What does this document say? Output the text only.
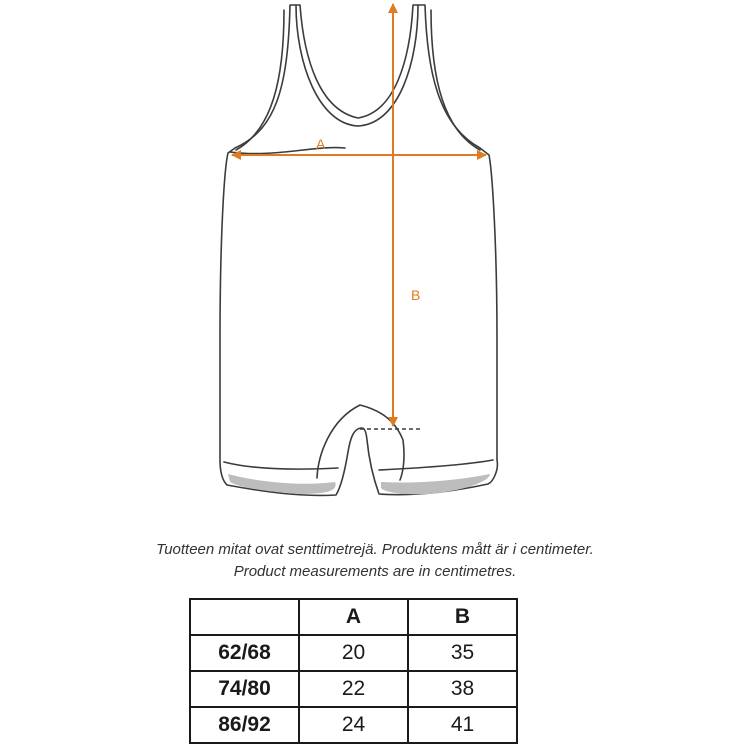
A
B
Tuotteen mitat ovat senttimetrejä. Produktens mått är i centimeter.
Product measurements are in centimetres.
	A	B
62/68	20	35
74/80	22	38
86/92	24	41
